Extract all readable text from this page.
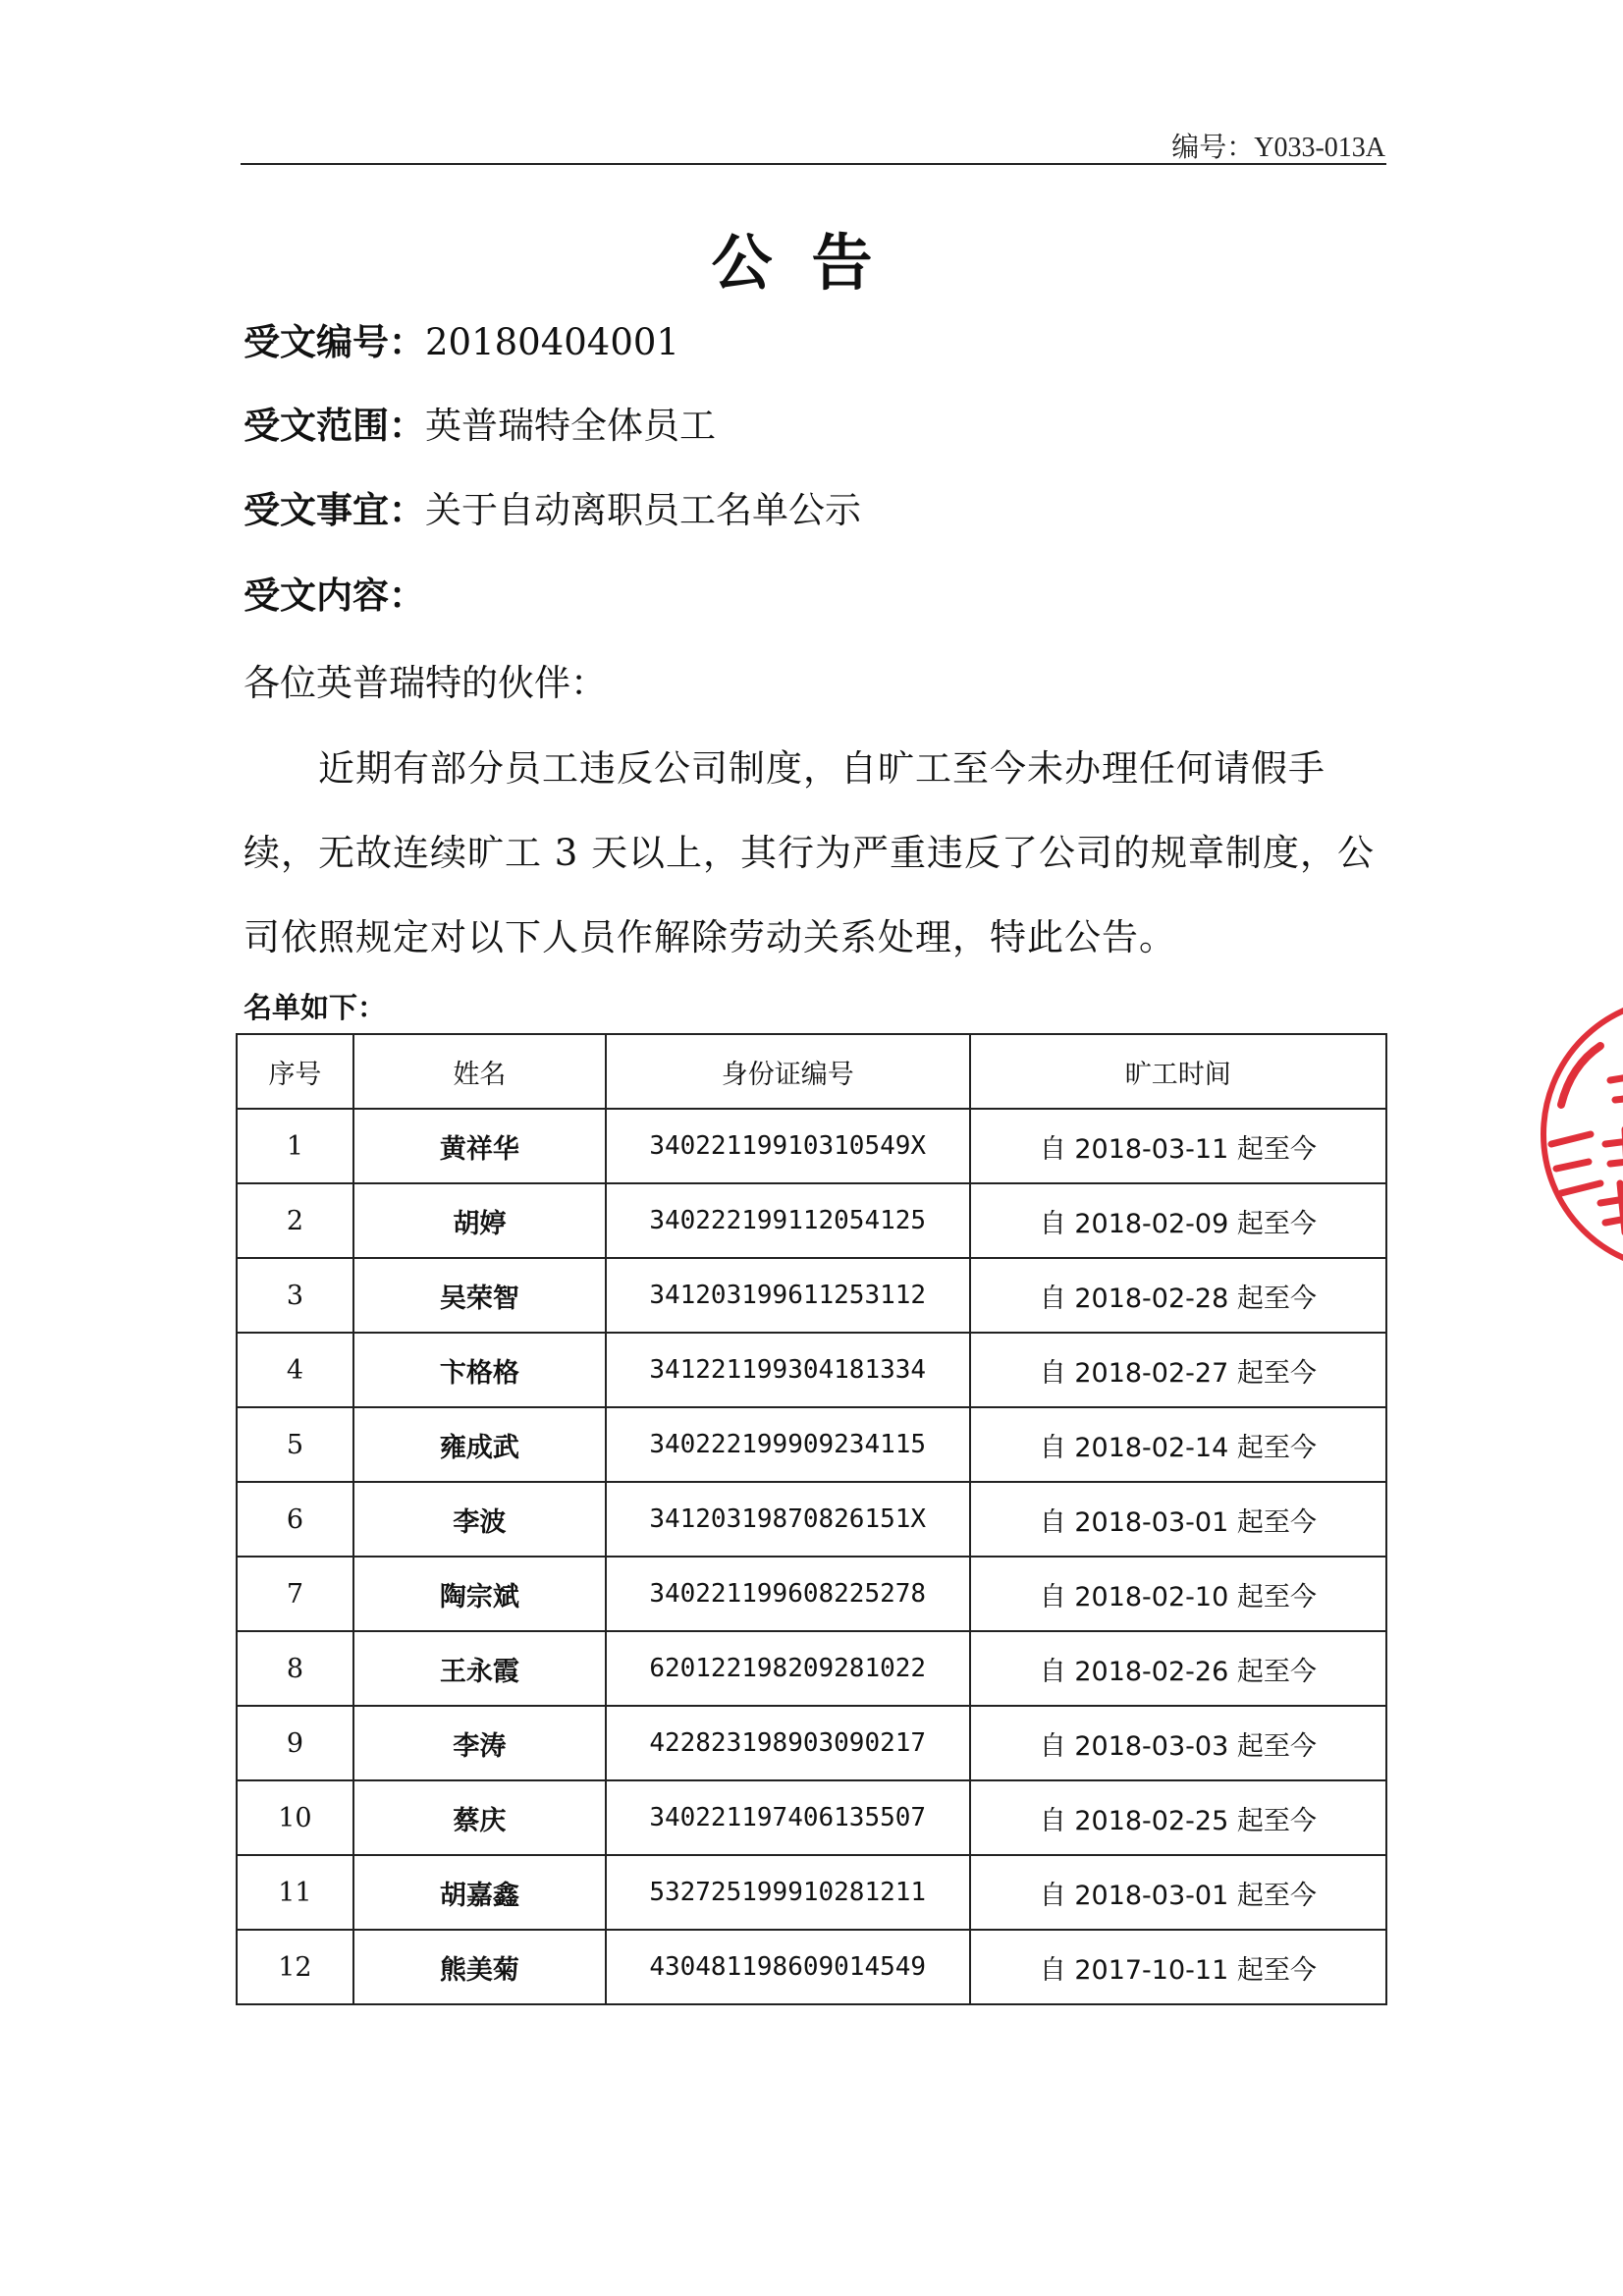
编号：Y033-013A
公告
受文编号：20180404001
受文范围：英普瑞特全体员工
受文事宜：关于自动离职员工名单公示
受文内容：
各位英普瑞特的伙伴：
近期有部分员工违反公司制度，自旷工至今未办理任何请假手续，无故连续旷工 3 天以上，其行为严重违反了公司的规章制度，公司依照规定对以下人员作解除劳动关系处理，特此公告。
名单如下：
序号	姓名	身份证编号	旷工时间
1	黄祥华	34022119910310549X	自 2018-03-11 起至今
2	胡婷	340222199112054125	自 2018-02-09 起至今
3	吴荣智	341203199611253112	自 2018-02-28 起至今
4	卞格格	341221199304181334	自 2018-02-27 起至今
5	雍成武	340222199909234115	自 2018-02-14 起至今
6	李波	34120319870826151X	自 2018-03-01 起至今
7	陶宗斌	340221199608225278	自 2018-02-10 起至今
8	王永霞	620122198209281022	自 2018-02-26 起至今
9	李涛	422823198903090217	自 2018-03-03 起至今
10	蔡庆	340221197406135507	自 2018-02-25 起至今
11	胡嘉鑫	532725199910281211	自 2018-03-01 起至今
12	熊美菊	430481198609014549	自 2017-10-11 起至今
